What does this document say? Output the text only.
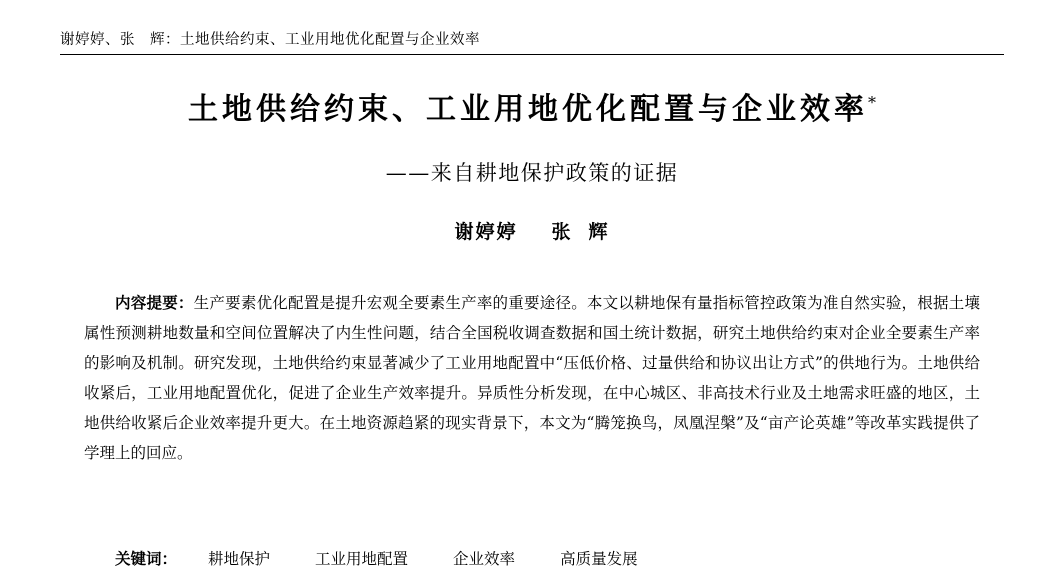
谢婷婷、张　辉：土地供给约束、工业用地优化配置与企业效率
土地供给约束、工业用地优化配置与企业效率*
——来自耕地保护政策的证据
谢婷婷 张 辉

内容提要：生产要素优化配置是提升宏观全要素生产率的重要途径。本文以耕地保有量指标管控政策为准自然实验，根据土壤属性预测耕地数量和空间位置解决了内生性问题，结合全国税收调查数据和国土统计数据，研究土地供给约束对企业全要素生产率的影响及机制。研究发现，土地供给约束显著减少了工业用地配置中“压低价格、过量供给和协议出让方式”的供地行为。土地供给收紧后，工业用地配置优化，促进了企业生产效率提升。异质性分析发现，在中心城区、非高技术行业及土地需求旺盛的地区，土地供给收紧后企业效率提升更大。在土地资源趋紧的现实背景下，本文为“腾笼换鸟，凤凰涅槃”及“亩产论英雄”等改革实践提供了学理上的回应。

关键词： 耕地保护	工业用地配置	企业效率	高质量发展
